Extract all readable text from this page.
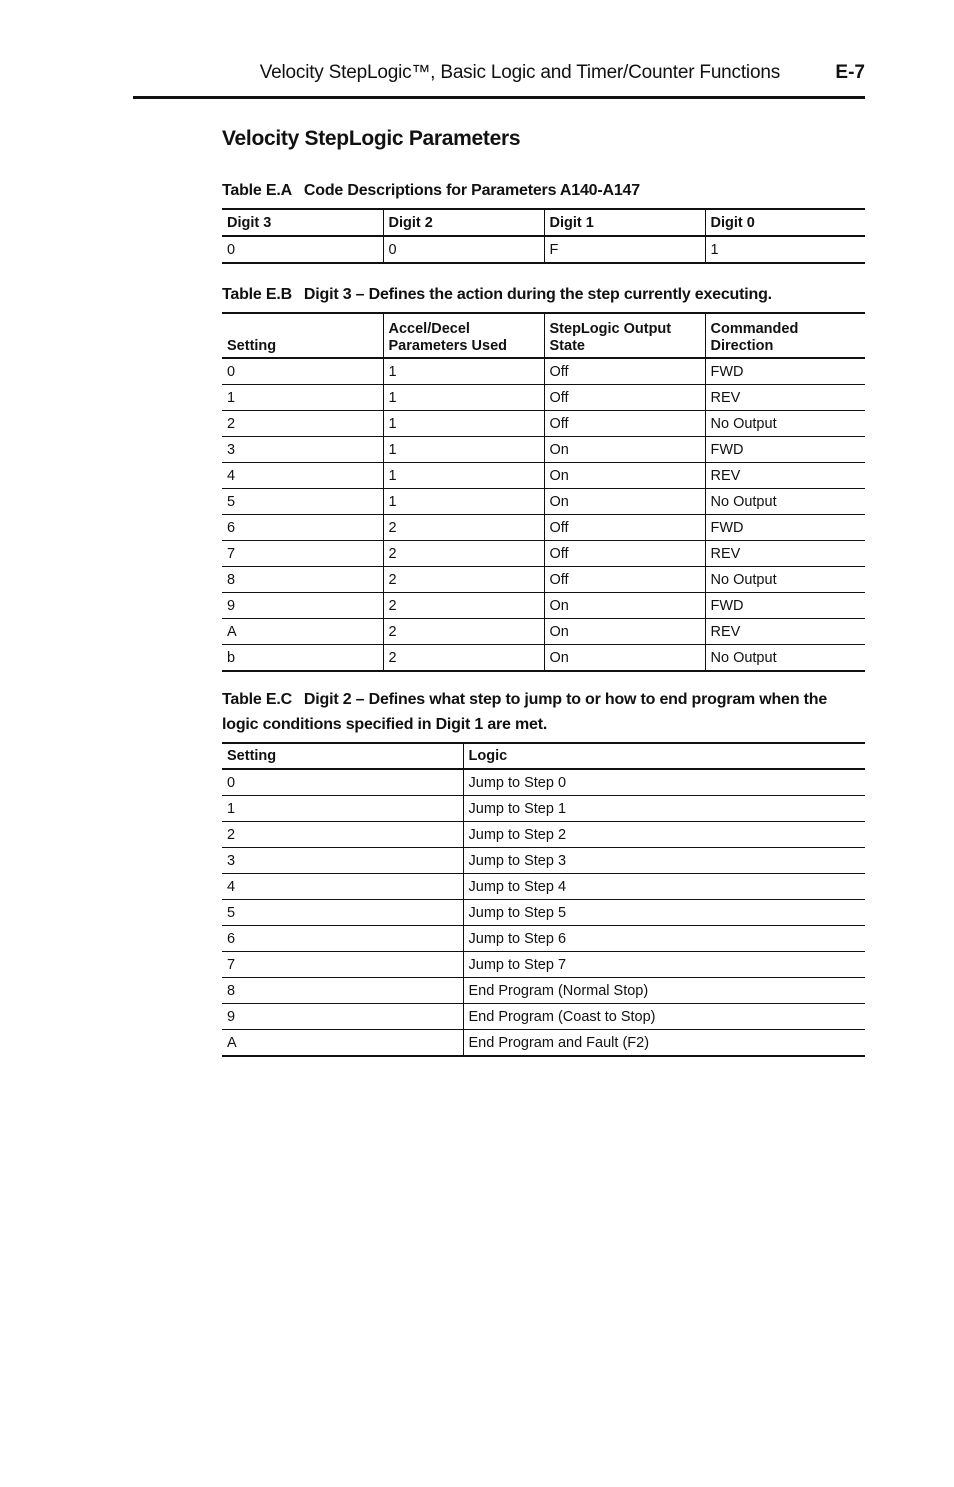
Velocity StepLogic™, Basic Logic and Timer/Counter Functions	E-7
Velocity StepLogic Parameters
Table E.A Code Descriptions for Parameters A140-A147
Digit 3	Digit 2	Digit 1	Digit 0
0	0	F	1
Table E.B Digit 3 – Defines the action during the step currently executing.
Setting	Accel/Decel Parameters Used	StepLogic Output State	Commanded Direction
0	1	Off	FWD
1	1	Off	REV
2	1	Off	No Output
3	1	On	FWD
4	1	On	REV
5	1	On	No Output
6	2	Off	FWD
7	2	Off	REV
8	2	Off	No Output
9	2	On	FWD
A	2	On	REV
b	2	On	No Output
Table E.C Digit 2 – Defines what step to jump to or how to end program when the logic conditions specified in Digit 1 are met.
Setting	Logic
0	Jump to Step 0
1	Jump to Step 1
2	Jump to Step 2
3	Jump to Step 3
4	Jump to Step 4
5	Jump to Step 5
6	Jump to Step 6
7	Jump to Step 7
8	End Program (Normal Stop)
9	End Program (Coast to Stop)
A	End Program and Fault (F2)
